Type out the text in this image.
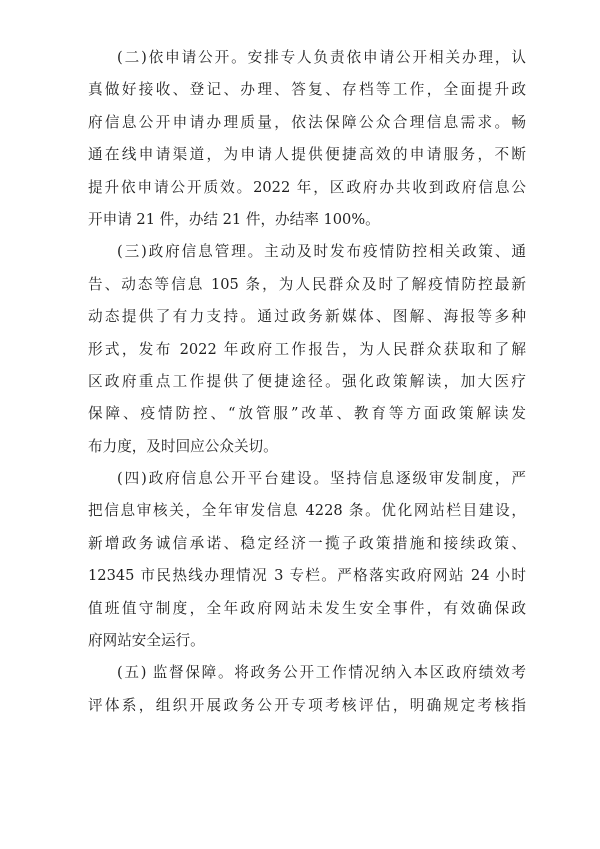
(二)依申请公开。安排专人负责依申请公开相关办理，认
真做好接收、登记、办理、答复、存档等工作，全面提升政
府信息公开申请办理质量，依法保障公众合理信息需求。畅
通在线申请渠道，为申请人提供便捷高效的申请服务，不断
提升依申请公开质效。2022 年，区政府办共收到政府信息公
开申请 21 件，办结 21 件，办结率 100%。
(三)政府信息管理。主动及时发布疫情防控相关政策、通
告、动态等信息 105 条，为人民群众及时了解疫情防控最新
动态提供了有力支持。通过政务新媒体、图解、海报等多种
形式，发布 2022 年政府工作报告，为人民群众获取和了解
区政府重点工作提供了便捷途径。强化政策解读，加大医疗
保障、疫情防控、“放管服”改革、教育等方面政策解读发
布力度，及时回应公众关切。
(四)政府信息公开平台建设。坚持信息逐级审发制度，严
把信息审核关，全年审发信息 4228 条。优化网站栏目建设，
新增政务诚信承诺、稳定经济一揽子政策措施和接续政策、
12345 市民热线办理情况 3 专栏。严格落实政府网站 24 小时
值班值守制度，全年政府网站未发生安全事件，有效确保政
府网站安全运行。
(五) 监督保障。将政务公开工作情况纳入本区政府绩效考
评体系，组织开展政务公开专项考核评估，明确规定考核指
